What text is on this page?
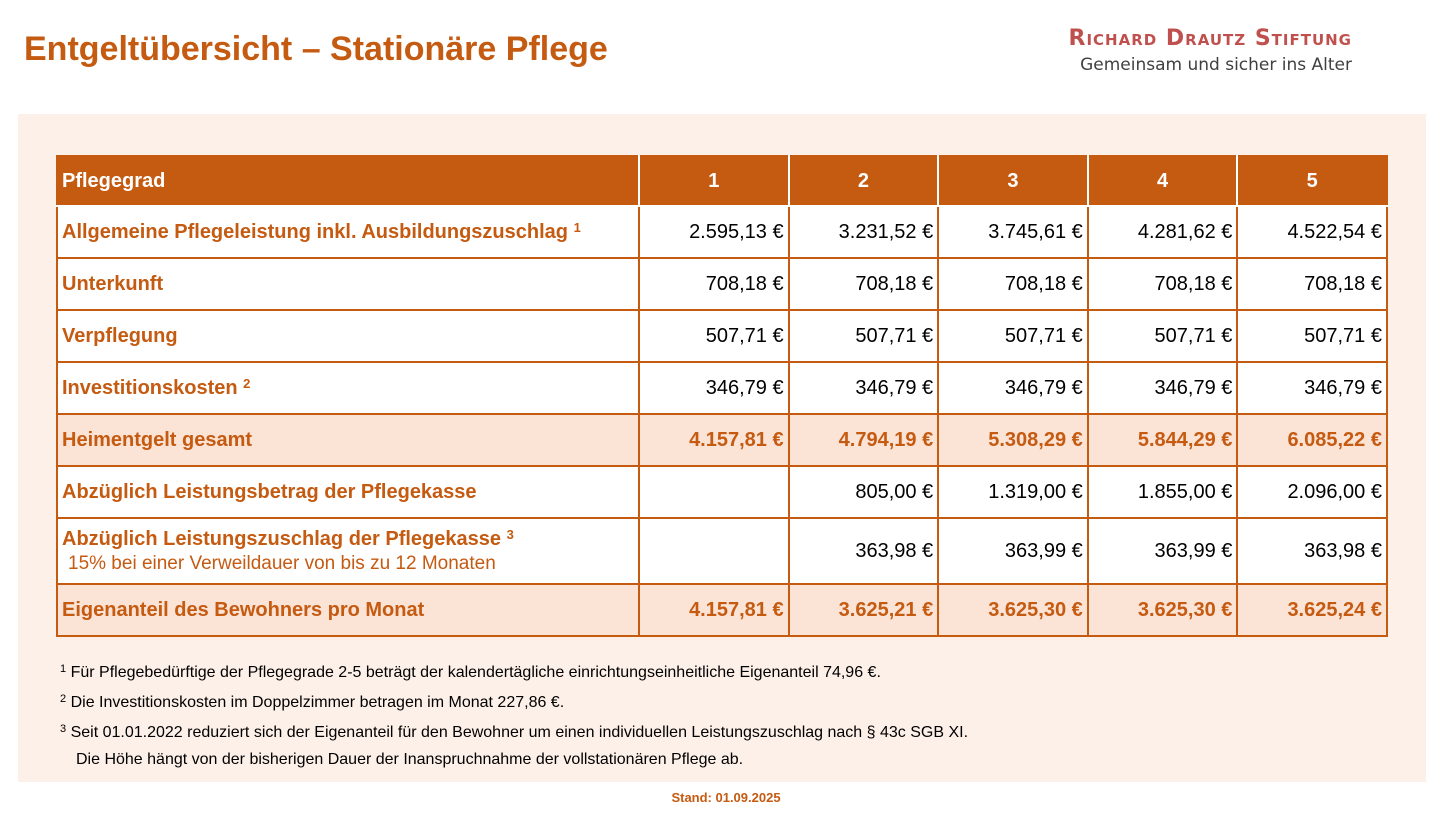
Entgeltübersicht – Stationäre Pflege	Richard Drautz Stiftung
Gemeinsam und sicher ins Alter
Pflegegrad	1	2	3	4	5
Allgemeine Pflegeleistung inkl. Ausbildungszuschlag $^1$	2.595,13 €	3.231,52 €	3.745,61 €	4.281,62 €	4.522,54 €
Unterkunft	708,18 €	708,18 €	708,18 €	708,18 €	708,18 €
Verpflegung	507,71 €	507,71 €	507,71 €	507,71 €	507,71 €
Investitionskosten $^2$	346,79 €	346,79 €	346,79 €	346,79 €	346,79 €
Heimentgelt gesamt	4.157,81 €	4.794,19 €	5.308,29 €	5.844,29 €	6.085,22 €
Abzüglich Leistungsbetrag der Pflegekasse		805,00 €	1.319,00 €	1.855,00 €	2.096,00 €
Abzüglich Leistungszuschlag der Pflegekasse $^3$
15% bei einer Verweildauer von bis zu 12 Monaten		363,98 €	363,99 €	363,99 €	363,98 €
Eigenanteil des Bewohners pro Monat	4.157,81 €	3.625,21 €	3.625,30 €	3.625,30 €	3.625,24 €

$^1$ Für Pflegebedürftige der Pflegegrade 2-5 beträgt der kalendertägliche einrichtungseinheitliche Eigenanteil 74,96 €.

$^2$ Die Investitionskosten im Doppelzimmer betragen im Monat 227,86 €.

$^3$ Seit 01.01.2022 reduziert sich der Eigenanteil für den Bewohner um einen individuellen Leistungszuschlag nach § 43c SGB XI.

Die Höhe hängt von der bisherigen Dauer der Inanspruchnahme der vollstationären Pflege ab.

Stand: 01.09.2025
